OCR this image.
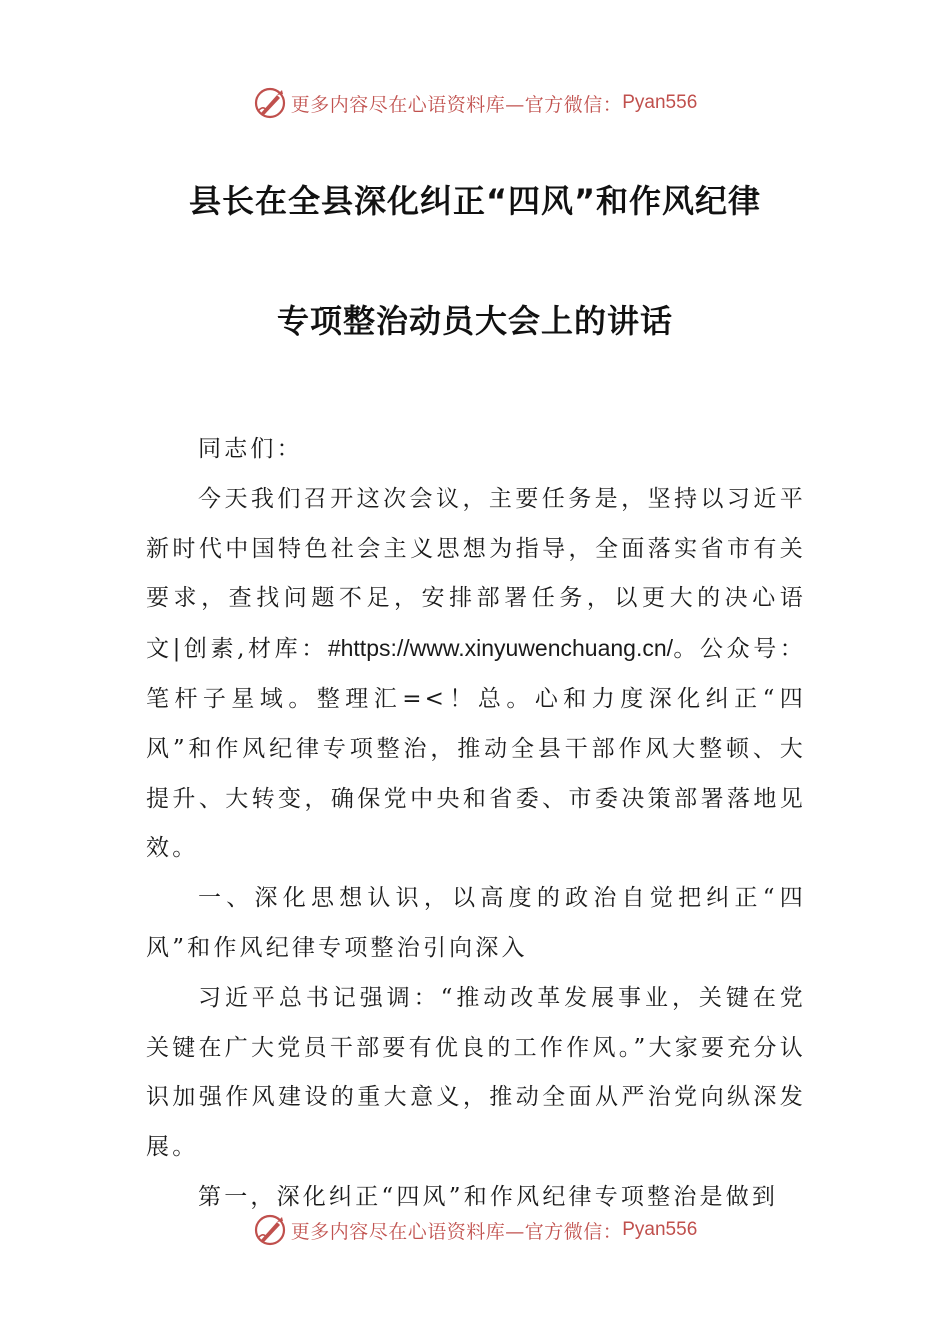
更多内容尽在心语资料库—官方微信： Pyan556
县长在全县深化纠正“四风”和作风纪律
专项整治动员大会上的讲话

同志们：

今天我们召开这次会议，主要任务是，坚持以习近平新时代中国特色社会主义思想为指导，全面落实省市有关要求，查找问题不足，安排部署任务，以更大的决心语文|创素,材库：#https://www.xinyuwenchuang.cn/。公众号：笔杆子星域。整理汇=<！总。心和力度深化纠正“四风”和作风纪律专项整治，推动全县干部作风大整顿、大提升、大转变，确保党中央和省委、市委决策部署落地见效。

一、深化思想认识，以高度的政治自觉把纠正“四风”和作风纪律专项整治引向深入

习近平总书记强调：“推动改革发展事业，关键在党关键在广大党员干部要有优良的工作作风。”大家要充分认识加强作风建设的重大意义，推动全面从严治党向纵深发展。

第一，深化纠正“四风”和作风纪律专项整治是做到

更多内容尽在心语资料库—官方微信： Pyan556
